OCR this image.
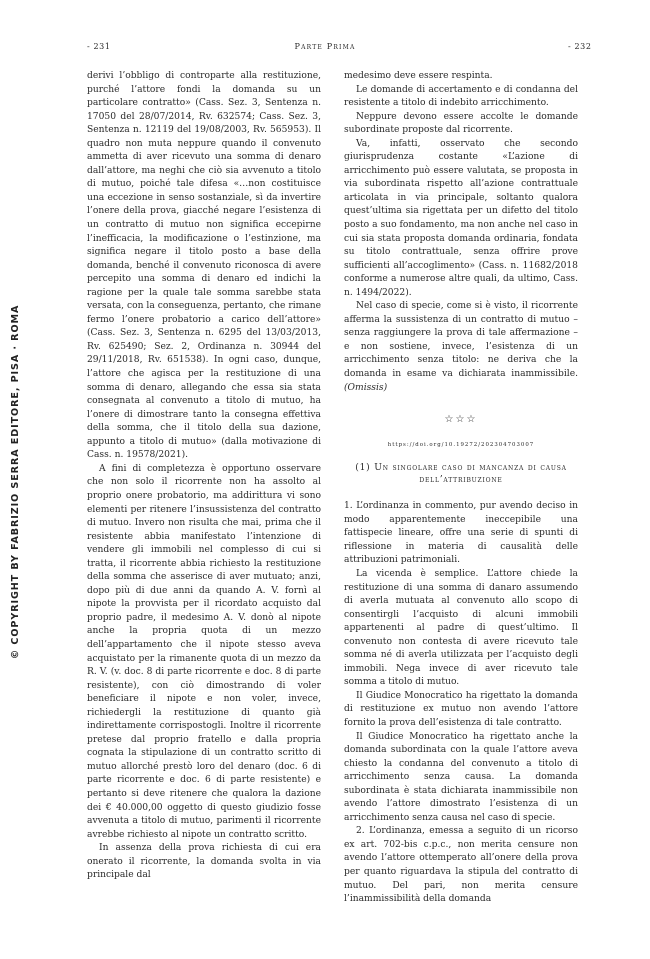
- 231	Parte Prima	- 232
© COPYRIGHT BY FABRIZIO SERRA EDITORE, PISA · ROMA

derivi l’obbligo di controparte alla restituzione, purché l’attore fondi la domanda su un particolare contratto» (Cass. Sez. 3, Sentenza n. 17050 del 28/07/2014, Rv. 632574; Cass. Sez. 3, Sentenza n. 12119 del 19/08/2003, Rv. 565953). Il quadro non muta neppure quando il convenuto ammetta di aver ricevuto una somma di denaro dall’attore, ma neghi che ciò sia avvenuto a titolo di mutuo, poiché tale difesa «…non costituisce una eccezione in senso sostanziale, sì da invertire l’onere della prova, giacché negare l’esistenza di un contratto di mutuo non significa eccepirne l’inefficacia, la modificazione o l’estinzione, ma significa negare il titolo posto a base della domanda, benché il convenuto riconosca di avere percepito una somma di denaro ed indichi la ragione per la quale tale somma sarebbe stata versata, con la conseguenza, pertanto, che rimane fermo l’onere probatorio a carico dell’attore» (Cass. Sez. 3, Sentenza n. 6295 del 13/03/2013, Rv. 625490; Sez. 2, Ordinanza n. 30944 del 29/11/2018, Rv. 651538). In ogni caso, dunque, l’attore che agisca per la restituzione di una somma di denaro, allegando che essa sia stata consegnata al convenuto a titolo di mutuo, ha l’onere di dimostrare tanto la consegna effettiva della somma, che il titolo della sua dazione, appunto a titolo di mutuo» (dalla motivazione di Cass. n. 19578/2021).

A fini di completezza è opportuno osservare che non solo il ricorrente non ha assolto al proprio onere probatorio, ma addirittura vi sono elementi per ritenere l’insussistenza del contratto di mutuo. Invero non risulta che mai, prima che il resistente abbia manifestato l’intenzione di vendere gli immobili nel complesso di cui si tratta, il ricorrente abbia richiesto la restituzione della somma che asserisce di aver mutuato; anzi, dopo più di due anni da quando A. V. fornì al nipote la provvista per il ricordato acquisto dal proprio padre, il medesimo A. V. donò al nipote anche la propria quota di un mezzo dell’appartamento che il nipote stesso aveva acquistato per la rimanente quota di un mezzo da R. V. (v. doc. 8 di parte ricorrente e doc. 8 di parte resistente), con ciò dimostrando di voler beneficiare il nipote e non voler, invece, richiedergli la restituzione di quanto già indirettamente corrispostogli. Inoltre il ricorrente pretese dal proprio fratello e dalla propria cognata la stipulazione di un contratto scritto di mutuo allorché prestò loro del denaro (doc. 6 di parte ricorrente e doc. 6 di parte resistente) e pertanto si deve ritenere che qualora la dazione dei € 40.000,00 oggetto di questo giudizio fosse avvenuta a titolo di mutuo, parimenti il ricorrente avrebbe richiesto al nipote un contratto scritto.

In assenza della prova richiesta di cui era onerato il ricorrente, la domanda svolta in via principale dal

medesimo deve essere respinta.

Le domande di accertamento e di condanna del resistente a titolo di indebito arricchimento.

Neppure devono essere accolte le domande subordinate proposte dal ricorrente.

Va, infatti, osservato che secondo giurisprudenza costante «L’azione di arricchimento può essere valutata, se proposta in via subordinata rispetto all’azione contrattuale articolata in via principale, soltanto qualora quest’ultima sia rigettata per un difetto del titolo posto a suo fondamento, ma non anche nel caso in cui sia stata proposta domanda ordinaria, fondata su titolo contrattuale, senza offrire prove sufficienti all’accoglimento» (Cass. n. 11682/2018 conforme a numerose altre quali, da ultimo, Cass. n. 1494/2022).

Nel caso di specie, come si è visto, il ricorrente afferma la sussistenza di un contratto di mutuo – senza raggiungere la prova di tale affermazione – e non sostiene, invece, l’esistenza di un arricchimento senza titolo: ne deriva che la domanda in esame va dichiarata inammissibile. (Omissis)

☆☆☆
https://doi.org/10.19272/202304703007
(1) Un singolare caso di mancanza di causa
dell’attribuzione

1. L’ordinanza in commento, pur avendo deciso in modo apparentemente ineccepibile una fattispecie lineare, offre una serie di spunti di riflessione in materia di causalità delle attribuzioni patrimoniali.

La vicenda è semplice. L’attore chiede la restituzione di una somma di danaro assumendo di averla mutuata al convenuto allo scopo di consentirgli l’acquisto di alcuni immobili appartenenti al padre di quest’ultimo. Il convenuto non contesta di avere ricevuto tale somma né di averla utilizzata per l’acquisto degli immobili. Nega invece di aver ricevuto tale somma a titolo di mutuo.

Il Giudice Monocratico ha rigettato la domanda di restituzione ex mutuo non avendo l’attore fornito la prova dell’esistenza di tale contratto.

Il Giudice Monocratico ha rigettato anche la domanda subordinata con la quale l’attore aveva chiesto la condanna del convenuto a titolo di arricchimento senza causa. La domanda subordinata è stata dichiarata inammissibile non avendo l’attore dimostrato l’esistenza di un arricchimento senza causa nel caso di specie.

2. L’ordinanza, emessa a seguito di un ricorso ex art. 702-bis c.p.c., non merita censure non avendo l’attore ottemperato all’onere della prova per quanto riguardava la stipula del contratto di mutuo. Del pari, non merita censure l’inammissibilità della domanda
